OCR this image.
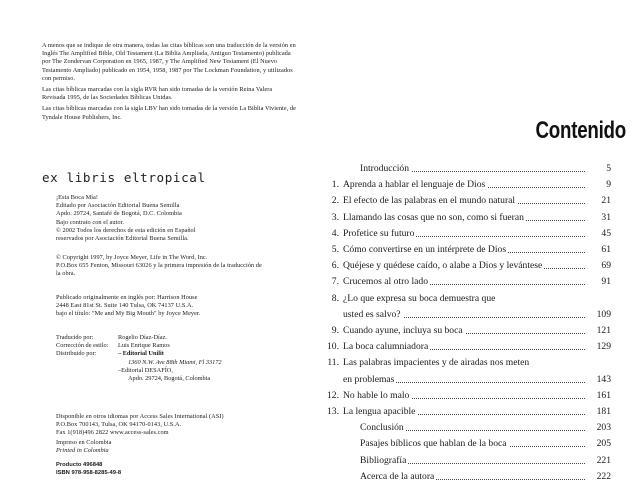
A menos que se indique de otra manera, todas las citas bíblicas son una traducción de la versión en Inglés The Amplified Bible, Old Testament (La Biblia Ampliada, Antiguo Testamento) publicada por The Zondervan Corporation en 1965, 1987, y The Amplified New Testament (El Nuevo Testamento Ampliado) publicado en 1954, 1958, 1987 por The Lockman Foundation, y utilizados con permiso.

Las citas bíblicas marcadas con la sigla RVR han sido tomadas de la versión Reina Valera Revisada 1995, de las Sociedades Bíblicas Unidas.

Las citas bíblicas marcadas con la sigla LBV han sido tomadas de la versión La Biblia Viviente, de Tyndale House Publishers, Inc.

ex libris eltropical
¡Esta Boca Mía!
Editado por Asociación Editorial Buena Semilla
Apdo. 29724, Santafé de Bogotá, D.C. Colombia
Bajo contrato con el autor.
© 2002 Todos los derechos de esta edición en Español
reservados por Asociación Editorial Buena Semilla.
© Copyright 1997, by Joyce Meyer, Life in The Word, Inc.
P.O.Box 655 Fenton, Missouri 63026 y la primera impresión de la traducción de
la obra.
Publicado originalmente en inglés por: Harrison House
2448 East 81st St. Suite 140 Tulsa, OK 74137 U.S.A.
bajo el título: "Me and My Big Mouth" by Joyce Meyer.
Traducido por:	Rogelio Díaz-Díaz.
Corrección de estilo:	Luis Enrique Ramos
Distribuido por:	– Editorial Unilit
1360 N.W. Ave 88th Miami, Fl 33172
–Editorial DESAFÍO,
Apdo. 29724, Bogotá, Colombia
Disponible en otros idiomas por Access Sales International (ASI)
P.O.Box 700143, Tulsa, OK 94170-0143, U.S.A.
Fax 1(918)496 2822 www.access-sales.com
Impreso en Colombia
Printed in Colombia
Producto 496848
ISBN 978-958-8285-49-8
Contenido
Introducción	5
1. Aprenda a hablar el lenguaje de Dios	9
2. El efecto de las palabras en el mundo natural	21
3. Llamando las cosas que no son, como si fueran	31
4. Profetice su futuro	45
5. Cómo convertirse en un intérprete de Dios	61
6. Quéjese y quédese caído, o alabe a Dios y levántese	69
7. Crucemos al otro lado	91
8. ¿Lo que expresa su boca demuestra que
usted es salvo?	109
9. Cuando ayune, incluya su boca	121
10. La boca calumniadora	129
11. Las palabras impacientes y de airadas nos meten
en problemas	143
12. No hable lo malo	161
13. La lengua apacible	181
Conclusión	203
Pasajes bíblicos que hablan de la boca	205
Bibliografía	221
Acerca de la autora	222
